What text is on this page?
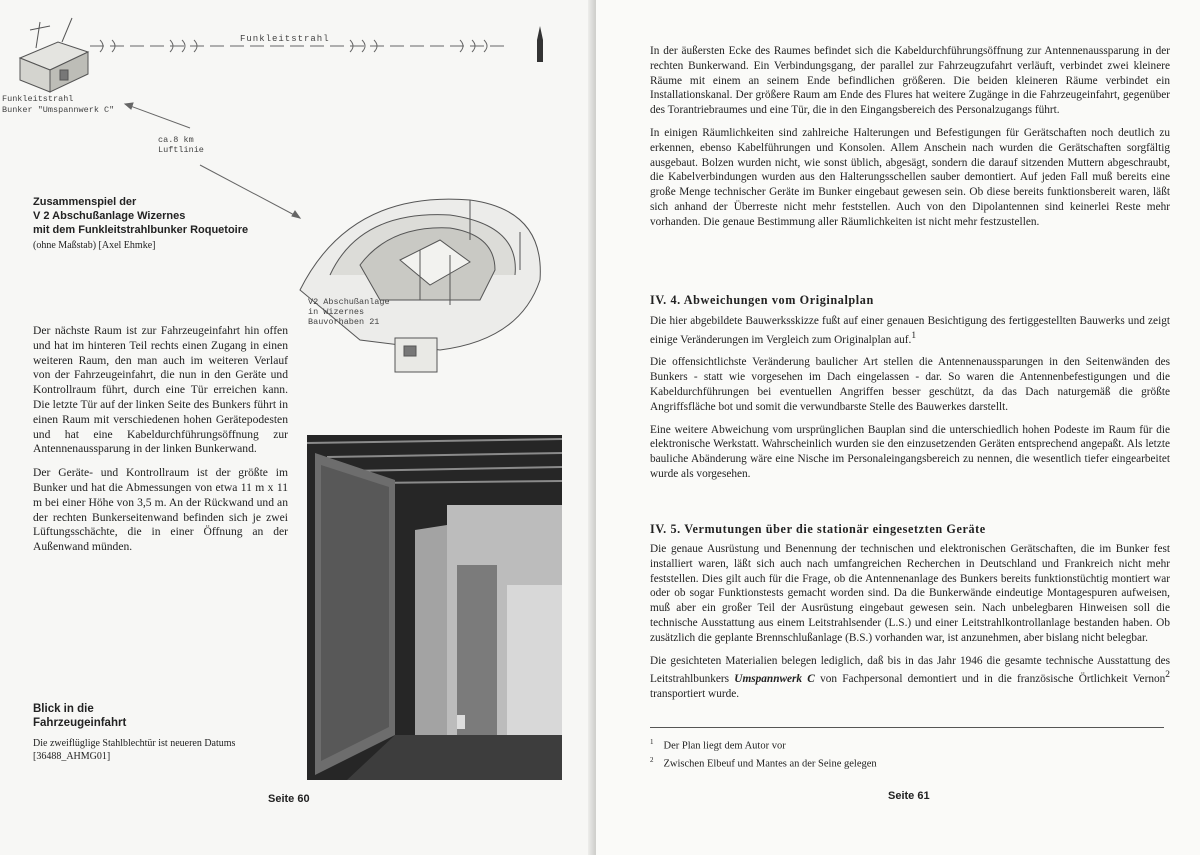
Funkleitstrahl
Funkleitstrahl
Bunker "Umspannwerk C"
ca.8 km
Luftlinie
V2 Abschußanlage
in Wizernes
Bauvorhaben 21
Zusammenspiel der
V 2 Abschußanlage Wizernes
mit dem Funkleitstrahlbunker Roquetoire
(ohne Maßstab) [Axel Ehmke]

Der nächste Raum ist zur Fahrzeugeinfahrt hin offen und hat im hinteren Teil rechts einen Zugang in einen weiteren Raum, den man auch im weiteren Verlauf von der Fahrzeugeinfahrt, die nun in den Geräte und Kontrollraum führt, durch eine Tür erreichen kann. Die letzte Tür auf der linken Seite des Bunkers führt in einen Raum mit verschiedenen hohen Gerätepodesten und hat eine Kabeldurchführungsöffnung zur Antennenaussparung in der linken Bunkerwand.

Der Geräte- und Kontrollraum ist der größte im Bunker und hat die Abmessungen von etwa 11 m x 11 m bei einer Höhe von 3,5 m. An der Rückwand und an der rechten Bunkerseitenwand befinden sich je zwei Lüftungsschächte, die in einer Öffnung an der Außenwand münden.

Blick in die
Fahrzeugeinfahrt
Die zweiflüglige Stahlblechtür ist neueren Datums
[36488_AHMG01]
Seite 60

In der äußersten Ecke des Raumes befindet sich die Kabeldurchführungsöffnung zur Antennenaussparung in der rechten Bunkerwand. Ein Verbindungsgang, der parallel zur Fahrzeugzufahrt verläuft, verbindet zwei kleinere Räume mit einem an seinem Ende befindlichen größeren. Die beiden kleineren Räume verbindet ein Installationskanal. Der größere Raum am Ende des Flures hat weitere Zugänge in die Fahrzeugeinfahrt, gegenüber des Torantriebraumes und eine Tür, die in den Eingangsbereich des Personalzugangs führt.

In einigen Räumlichkeiten sind zahlreiche Halterungen und Befestigungen für Gerätschaften noch deutlich zu erkennen, ebenso Kabelführungen und Konsolen. Allem Anschein nach wurden die Gerätschaften sorgfältig ausgebaut. Bolzen wurden nicht, wie sonst üblich, abgesägt, sondern die darauf sitzenden Muttern abgeschraubt, die Kabelverbindungen wurden aus den Halterungsschellen sauber demontiert. Auf jeden Fall muß bereits eine große Menge technischer Geräte im Bunker eingebaut gewesen sein. Ob diese bereits funktionsbereit waren, läßt sich anhand der Überreste nicht mehr feststellen. Auch von den Dipolantennen sind keinerlei Reste mehr vorhanden. Die genaue Bestimmung aller Räumlichkeiten ist nicht mehr festzustellen.

IV. 4. Abweichungen vom Originalplan

Die hier abgebildete Bauwerksskizze fußt auf einer genauen Besichtigung des fertiggestellten Bauwerks und zeigt einige Veränderungen im Vergleich zum Originalplan auf.$^1$

Die offensichtlichste Veränderung baulicher Art stellen die Antennenaussparungen in den Seitenwänden des Bunkers - statt wie vorgesehen im Dach eingelassen - dar. So waren die Antennenbefestigungen und die Kabeldurchführungen bei eventuellen Angriffen besser geschützt, da das Dach naturgemäß die größte Angriffsfläche bot und somit die verwundbarste Stelle des Bauwerkes darstellt.

Eine weitere Abweichung vom ursprünglichen Bauplan sind die unterschiedlich hohen Podeste im Raum für die elektronische Werkstatt. Wahrscheinlich wurden sie den einzusetzenden Geräten entsprechend angepaßt. Als letzte bauliche Abänderung wäre eine Nische im Personaleingangsbereich zu nennen, die wesentlich tiefer eingearbeitet wurde als vorgesehen.

IV. 5. Vermutungen über die stationär eingesetzten Geräte

Die genaue Ausrüstung und Benennung der technischen und elektronischen Gerätschaften, die im Bunker fest installiert waren, läßt sich auch nach umfangreichen Recherchen in Deutschland und Frankreich nicht mehr feststellen. Dies gilt auch für die Frage, ob die Antennenanlage des Bunkers bereits funktionstüchtig montiert war oder ob sogar Funktionstests gemacht worden sind. Da die Bunkerwände eindeutige Montagespuren aufweisen, muß aber ein großer Teil der Ausrüstung eingebaut gewesen sein. Nach unbelegbaren Hinweisen soll die technische Ausstattung aus einem Leitstrahlsender (L.S.) und einer Leitstrahlkontrollanlage bestanden haben. Ob zusätzlich die geplante Brennschlußanlage (B.S.) vorhanden war, ist anzunehmen, aber bislang nicht belegbar.

Die gesichteten Materialien belegen lediglich, daß bis in das Jahr 1946 die gesamte technische Ausstattung des Leitstrahlbunkers Umspannwerk C von Fachpersonal demontiert und in die französische Örtlichkeit Vernon$^2$ transportiert wurde.

$^1$ Der Plan liegt dem Autor vor
$^2$ Zwischen Elbeuf und Mantes an der Seine gelegen
Seite 61
